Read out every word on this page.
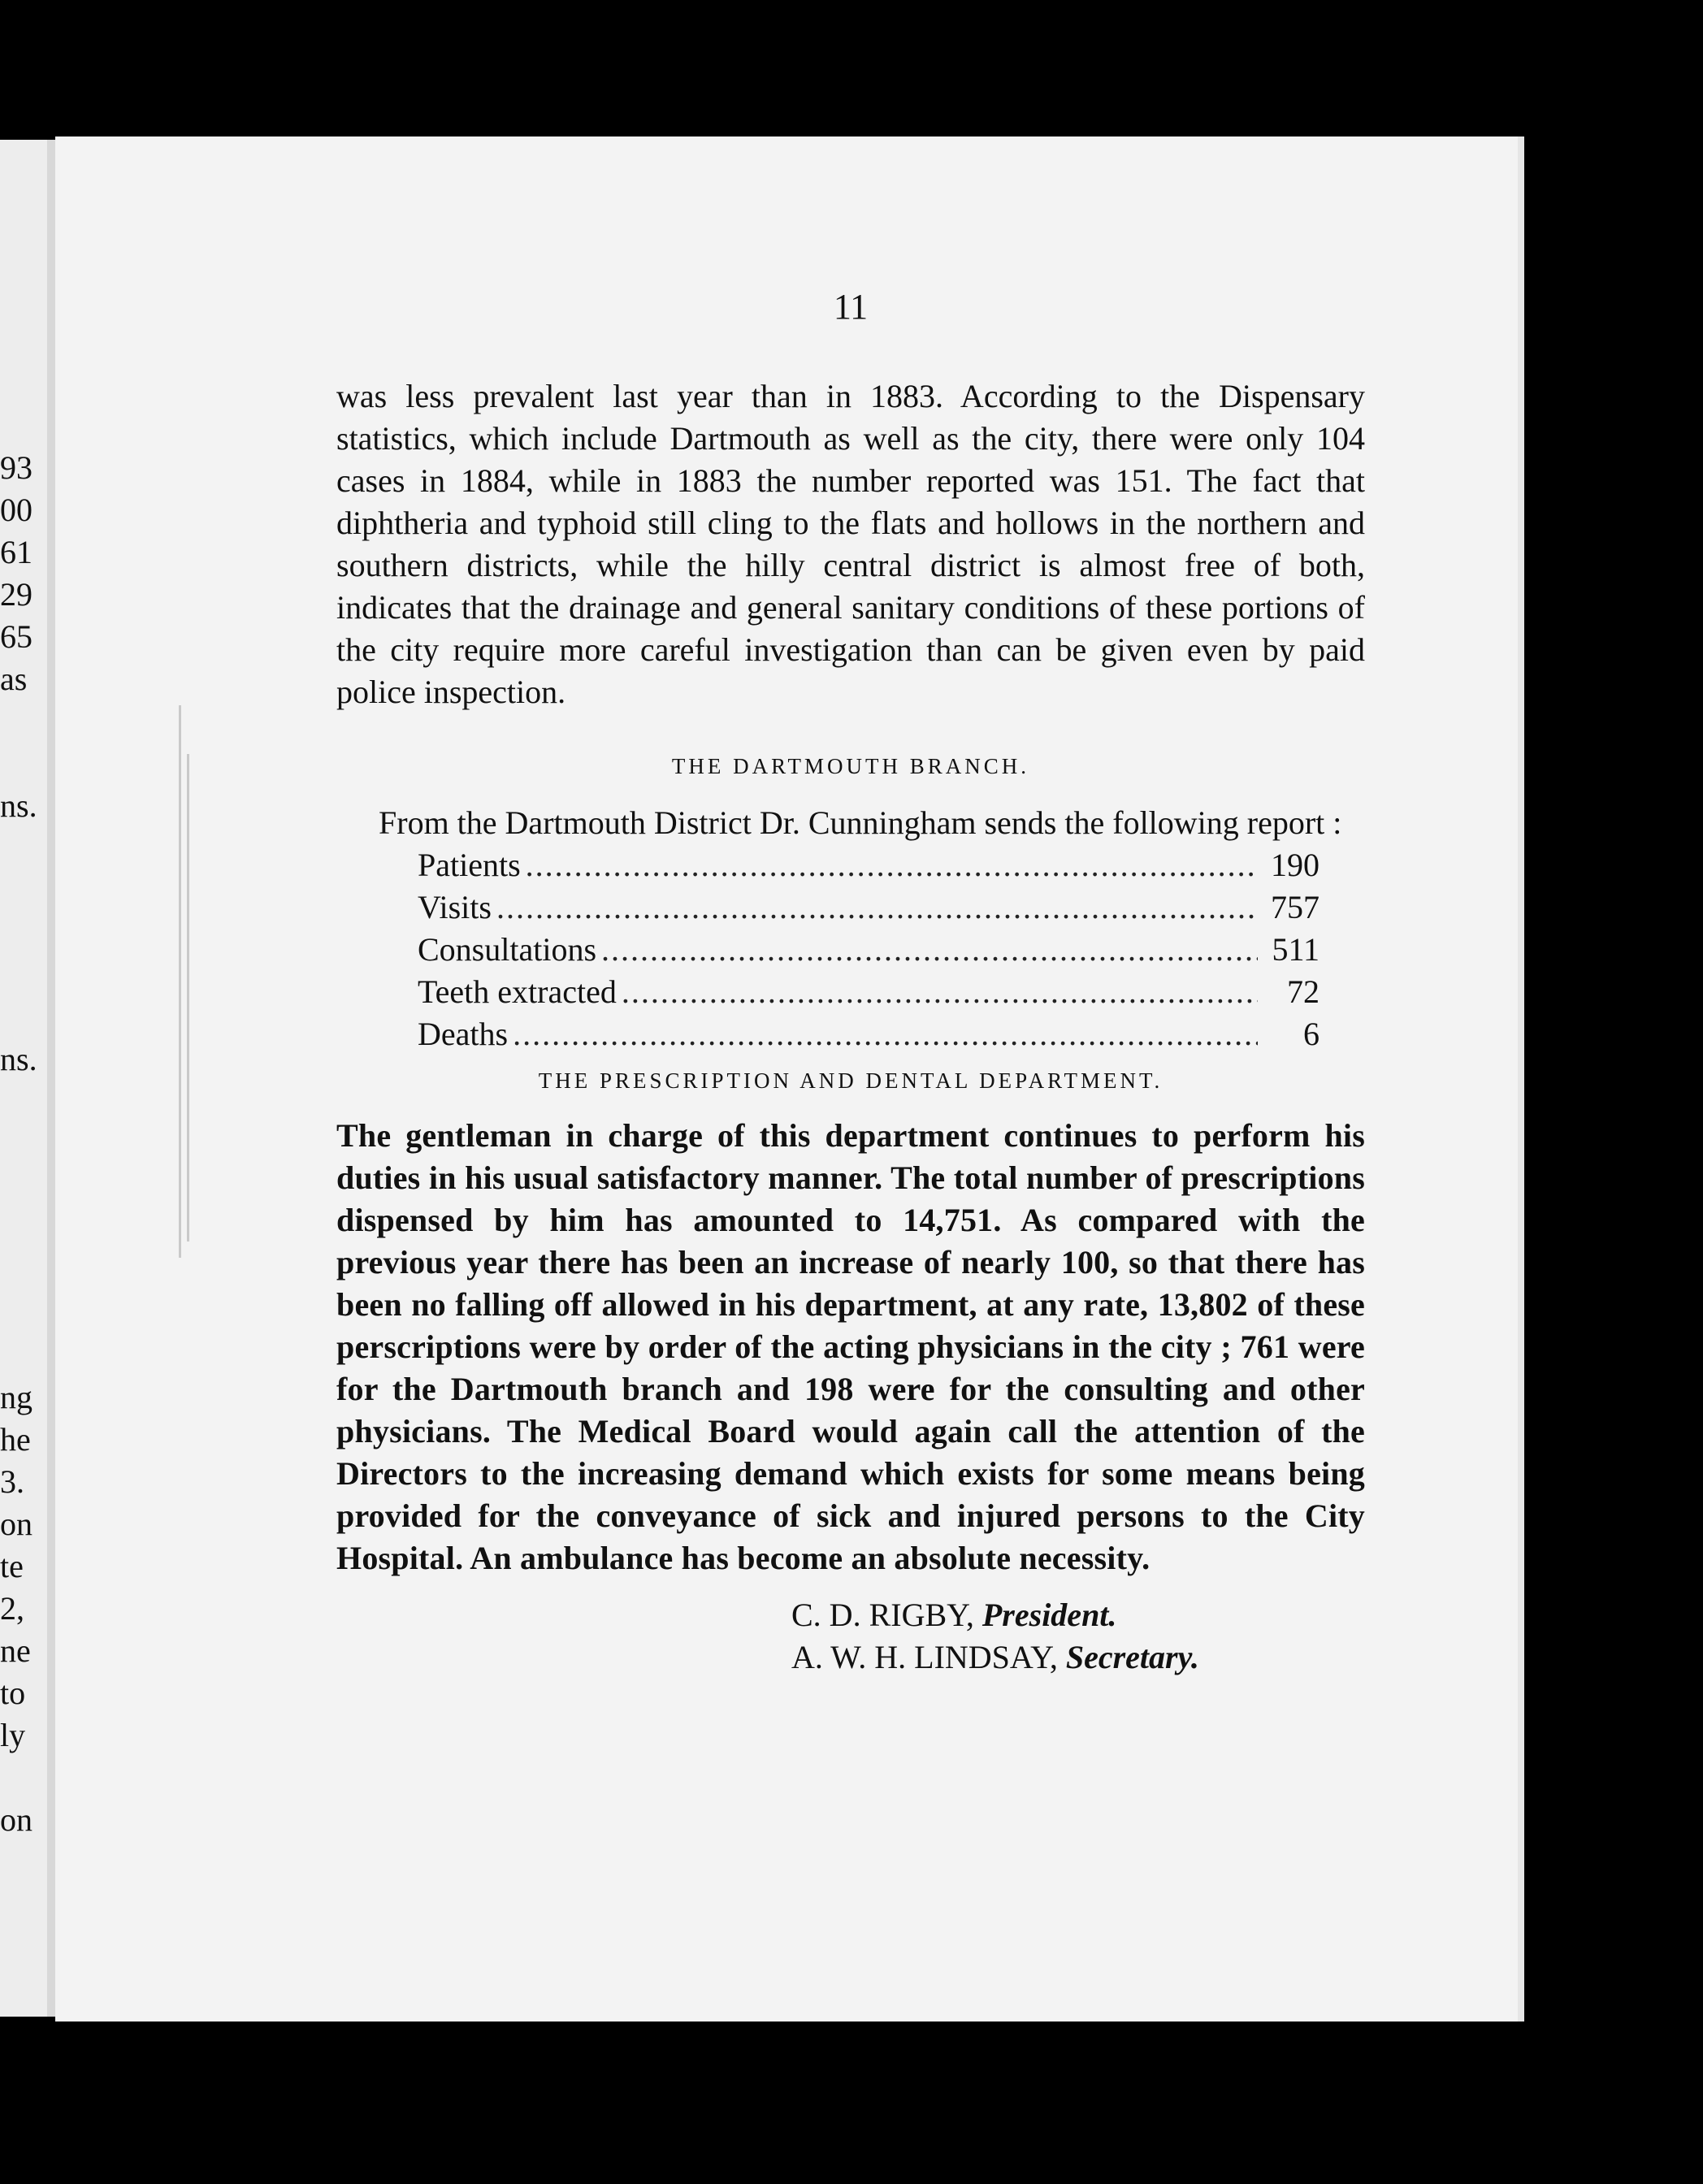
93
00
61
29
65
as
ns.
ns.
ng
he
3.
on
te
2,
ne
to
ly
on
11

was less prevalent last year than in 1883. According to the Dispensary statistics, which include Dartmouth as well as the city, there were only 104 cases in 1884, while in 1883 the number reported was 151. The fact that diphtheria and typhoid still cling to the flats and hollows in the northern and southern districts, while the hilly central district is almost free of both, indicates that the drainage and general sanitary conditions of these portions of the city require more careful investigation than can be given even by paid police inspection.

THE DARTMOUTH BRANCH.

From the Dartmouth District Dr. Cunningham sends the following report :

Patients .....	190
Visits .....	757
Consultations .....	511
Teeth extracted .....	72
Deaths .....	6
THE PRESCRIPTION AND DENTAL DEPARTMENT.

The gentleman in charge of this department continues to perform his duties in his usual satisfactory manner. The total number of prescriptions dispensed by him has amounted to 14,751. As compared with the previous year there has been an increase of nearly 100, so that there has been no falling off allowed in his department, at any rate, 13,802 of these perscriptions were by order of the acting physicians in the city ; 761 were for the Dartmouth branch and 198 were for the consulting and other physicians. The Medical Board would again call the attention of the Directors to the increasing demand which exists for some means being provided for the conveyance of sick and injured persons to the City Hospital. An ambulance has become an absolute necessity.

C. D. RIGBY, President.
A. W. H. LINDSAY, Secretary.
